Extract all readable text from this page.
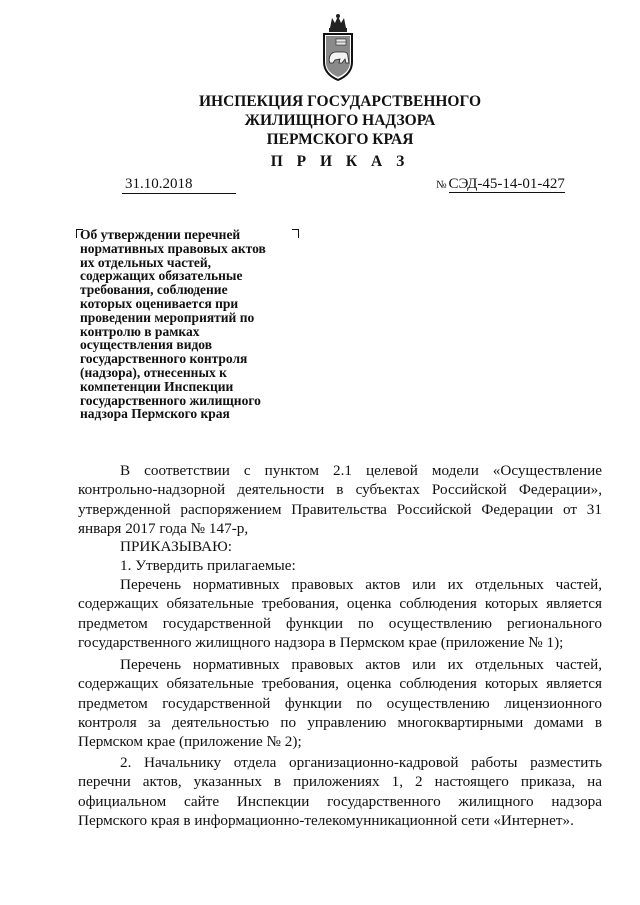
ИНСПЕКЦИЯ ГОСУДАРСТВЕННОГО
ЖИЛИЩНОГО НАДЗОРА
ПЕРМСКОГО КРАЯ
П Р И К А З
31.10.2018	№ СЭД-45-14-01-427
Об утверждении перечней
нормативных правовых актов
их отдельных частей,
содержащих обязательные
требования, соблюдение
которых оценивается при
проведении мероприятий по
контролю в рамках
осуществления видов
государственного контроля
(надзора), отнесенных к
компетенции Инспекции
государственного жилищного
надзора Пермского края
В соответствии с пунктом 2.1 целевой модели «Осуществление
контрольно-надзорной деятельности в субъектах Российской Федерации»,
утвержденной распоряжением Правительства Российской Федерации от 31
января 2017 года № 147-р,
ПРИКАЗЫВАЮ:
1. Утвердить прилагаемые:
Перечень нормативных правовых актов или их отдельных частей,
содержащих обязательные требования, оценка соблюдения которых является
предметом государственной функции по осуществлению регионального
государственного жилищного надзора в Пермском крае (приложение № 1);
Перечень нормативных правовых актов или их отдельных частей,
содержащих обязательные требования, оценка соблюдения которых является
предметом государственной функции по осуществлению лицензионного
контроля за деятельностью по управлению многоквартирными домами в
Пермском крае (приложение № 2);
2. Начальнику отдела организационно-кадровой работы разместить
перечни актов, указанных в приложениях 1, 2 настоящего приказа, на
официальном сайте Инспекции государственного жилищного надзора
Пермского края в информационно-телекомунникационной сети «Интернет».
